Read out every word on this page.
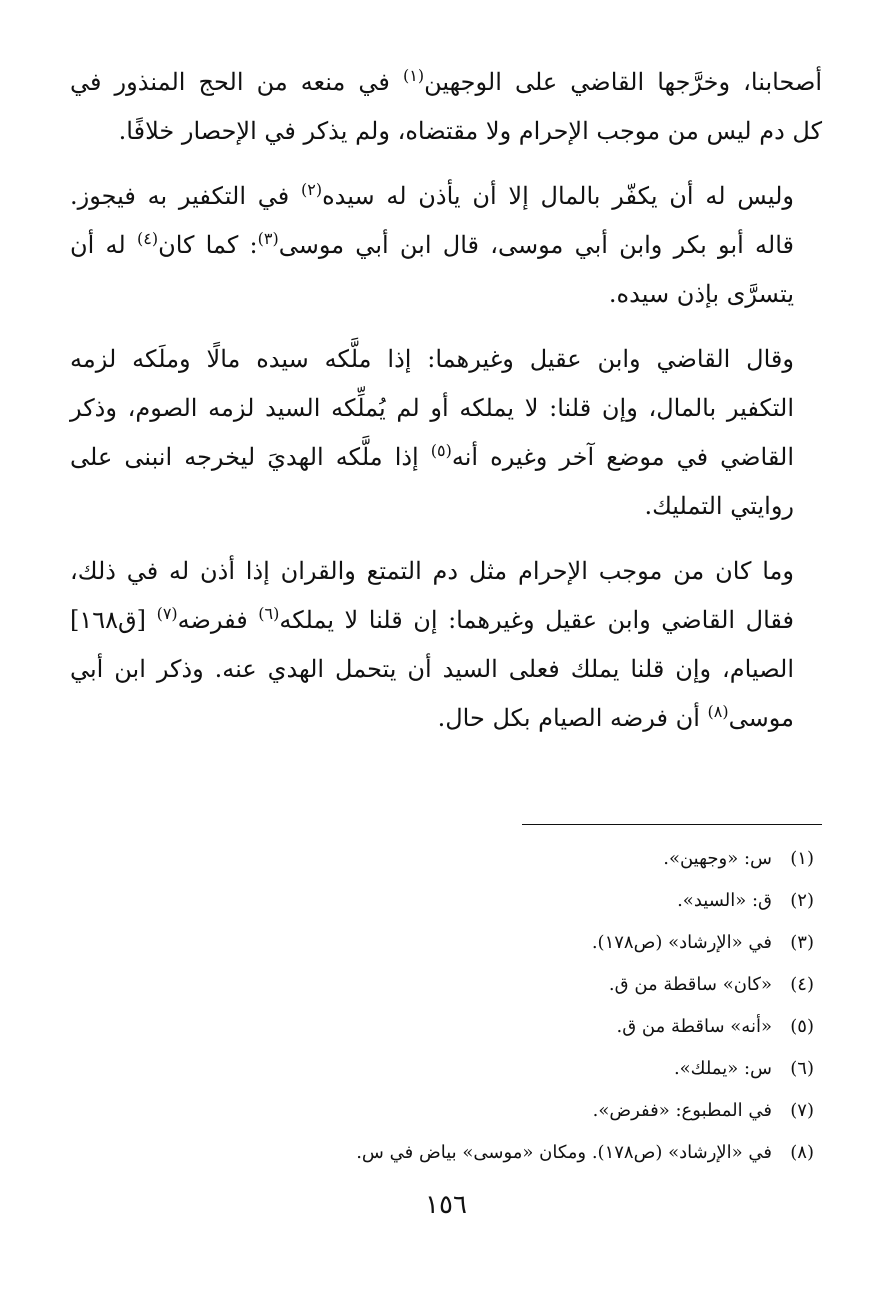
أصحابنا، وخرَّجها القاضي على الوجهين$^{(١)}$ في منعه من الحج المنذور في
كل دم ليس من موجب الإحرام ولا مقتضاه، ولم يذكر في الإحصار خلافًا.

وليس له أن يكفّر بالمال إلا أن يأذن له سيده$^{(٢)}$ في التكفير به فيجوز.
قاله أبو بكر وابن أبي موسى، قال ابن أبي موسى$^{(٣)}$: كما كان$^{(٤)}$ له أن
يتسرَّى بإذن سيده.

وقال القاضي وابن عقيل وغيرهما: إذا ملَّكه سيده مالًا وملَكه لزمه
التكفير بالمال، وإن قلنا: لا يملكه أو لم يُملِّكه السيد لزمه الصوم، وذكر
القاضي في موضع آخر وغيره أنه$^{(٥)}$ إذا ملَّكه الهديَ ليخرجه انبنى على
روايتي التمليك.

وما كان من موجب الإحرام مثل دم التمتع والقران إذا أذن له في ذلك،
فقال القاضي وابن عقيل وغيرهما: إن قلنا لا يملكه$^{(٦)}$ ففرضه$^{(٧)}$ [ق١٦٨]
الصيام، وإن قلنا يملك فعلى السيد أن يتحمل الهدي عنه. وذكر ابن أبي
موسى$^{(٨)}$ أن فرضه الصيام بكل حال.

(١)س: «وجهين».
(٢)ق: «السيد».
(٣)في «الإرشاد» (ص١٧٨).
(٤)«كان» ساقطة من ق.
(٥)«أنه» ساقطة من ق.
(٦)س: «يملك».
(٧)في المطبوع: «ففرض».
(٨)في «الإرشاد» (ص١٧٨). ومكان «موسى» بياض في س.
١٥٦
